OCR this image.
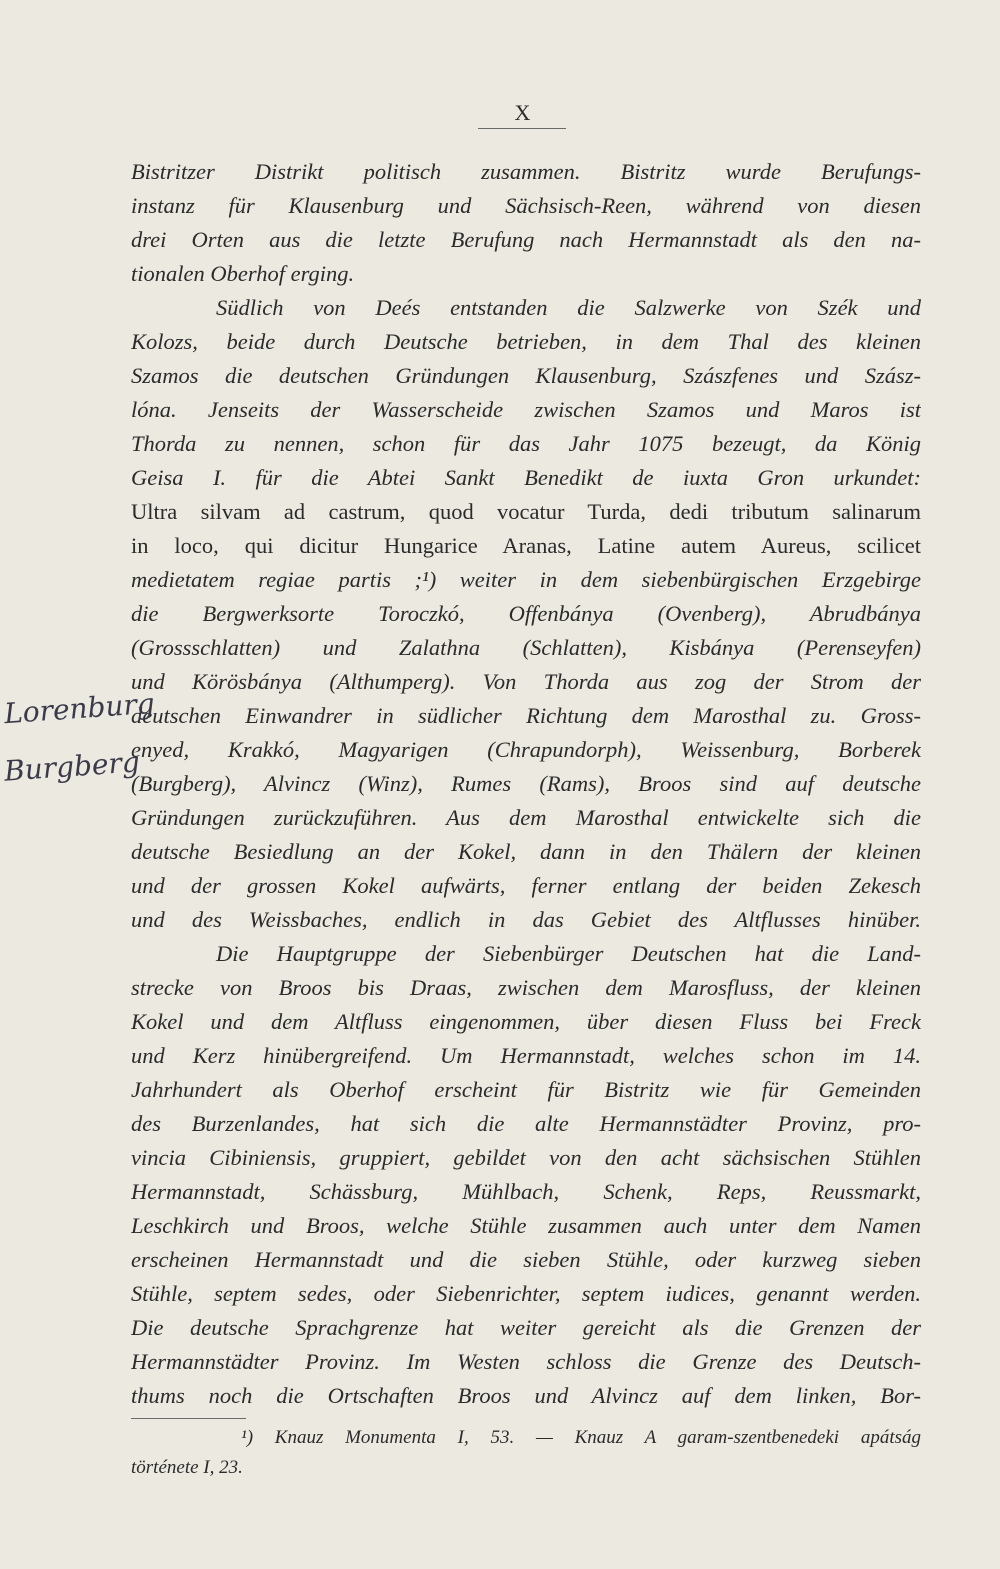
X
Bistritzer Distrikt politisch zusammen. Bistritz wurde Berufungs-
instanz für Klausenburg und Sächsisch-Reen, während von diesen
drei Orten aus die letzte Berufung nach Hermannstadt als den na-
tionalen Oberhof erging.
Südlich von Deés entstanden die Salzwerke von Szék und
Kolozs, beide durch Deutsche betrieben, in dem Thal des kleinen
Szamos die deutschen Gründungen Klausenburg, Szászfenes und Szász-
lóna. Jenseits der Wasserscheide zwischen Szamos und Maros ist
Thorda zu nennen, schon für das Jahr 1075 bezeugt, da König
Geisa I. für die Abtei Sankt Benedikt de iuxta Gron urkundet:
Ultra silvam ad castrum, quod vocatur Turda, dedi tributum salinarum
in loco, qui dicitur Hungarice Aranas, Latine autem Aureus, scilicet
medietatem regiae partis ;¹) weiter in dem siebenbürgischen Erzgebirge
die Bergwerksorte Toroczkó, Offenbánya (Ovenberg), Abrudbánya
(Grossschlatten) und Zalathna (Schlatten), Kisbánya (Perenseyfen)
und Körösbánya (Althumperg). Von Thorda aus zog der Strom der
deutschen Einwandrer in südlicher Richtung dem Marosthal zu. Gross-
enyed, Krakkó, Magyarigen (Chrapundorph), Weissenburg, Borberek
(Burgberg), Alvincz (Winz), Rumes (Rams), Broos sind auf deutsche
Gründungen zurückzuführen. Aus dem Marosthal entwickelte sich die
deutsche Besiedlung an der Kokel, dann in den Thälern der kleinen
und der grossen Kokel aufwärts, ferner entlang der beiden Zekesch
und des Weissbaches, endlich in das Gebiet des Altflusses hinüber.
Die Hauptgruppe der Siebenbürger Deutschen hat die Land-
strecke von Broos bis Draas, zwischen dem Marosfluss, der kleinen
Kokel und dem Altfluss eingenommen, über diesen Fluss bei Freck
und Kerz hinübergreifend. Um Hermannstadt, welches schon im 14.
Jahrhundert als Oberhof erscheint für Bistritz wie für Gemeinden
des Burzenlandes, hat sich die alte Hermannstädter Provinz, pro-
vincia Cibiniensis, gruppiert, gebildet von den acht sächsischen Stühlen
Hermannstadt, Schässburg, Mühlbach, Schenk, Reps, Reussmarkt,
Leschkirch und Broos, welche Stühle zusammen auch unter dem Namen
erscheinen Hermannstadt und die sieben Stühle, oder kurzweg sieben
Stühle, septem sedes, oder Siebenrichter, septem iudices, genannt werden.
Die deutsche Sprachgrenze hat weiter gereicht als die Grenzen der
Hermannstädter Provinz. Im Westen schloss die Grenze des Deutsch-
thums noch die Ortschaften Broos und Alvincz auf dem linken, Bor-
¹) Knauz Monumenta I, 53. — Knauz A garam-szentbenedeki apátság
története I, 23.
Lorenburg
Burgberg
